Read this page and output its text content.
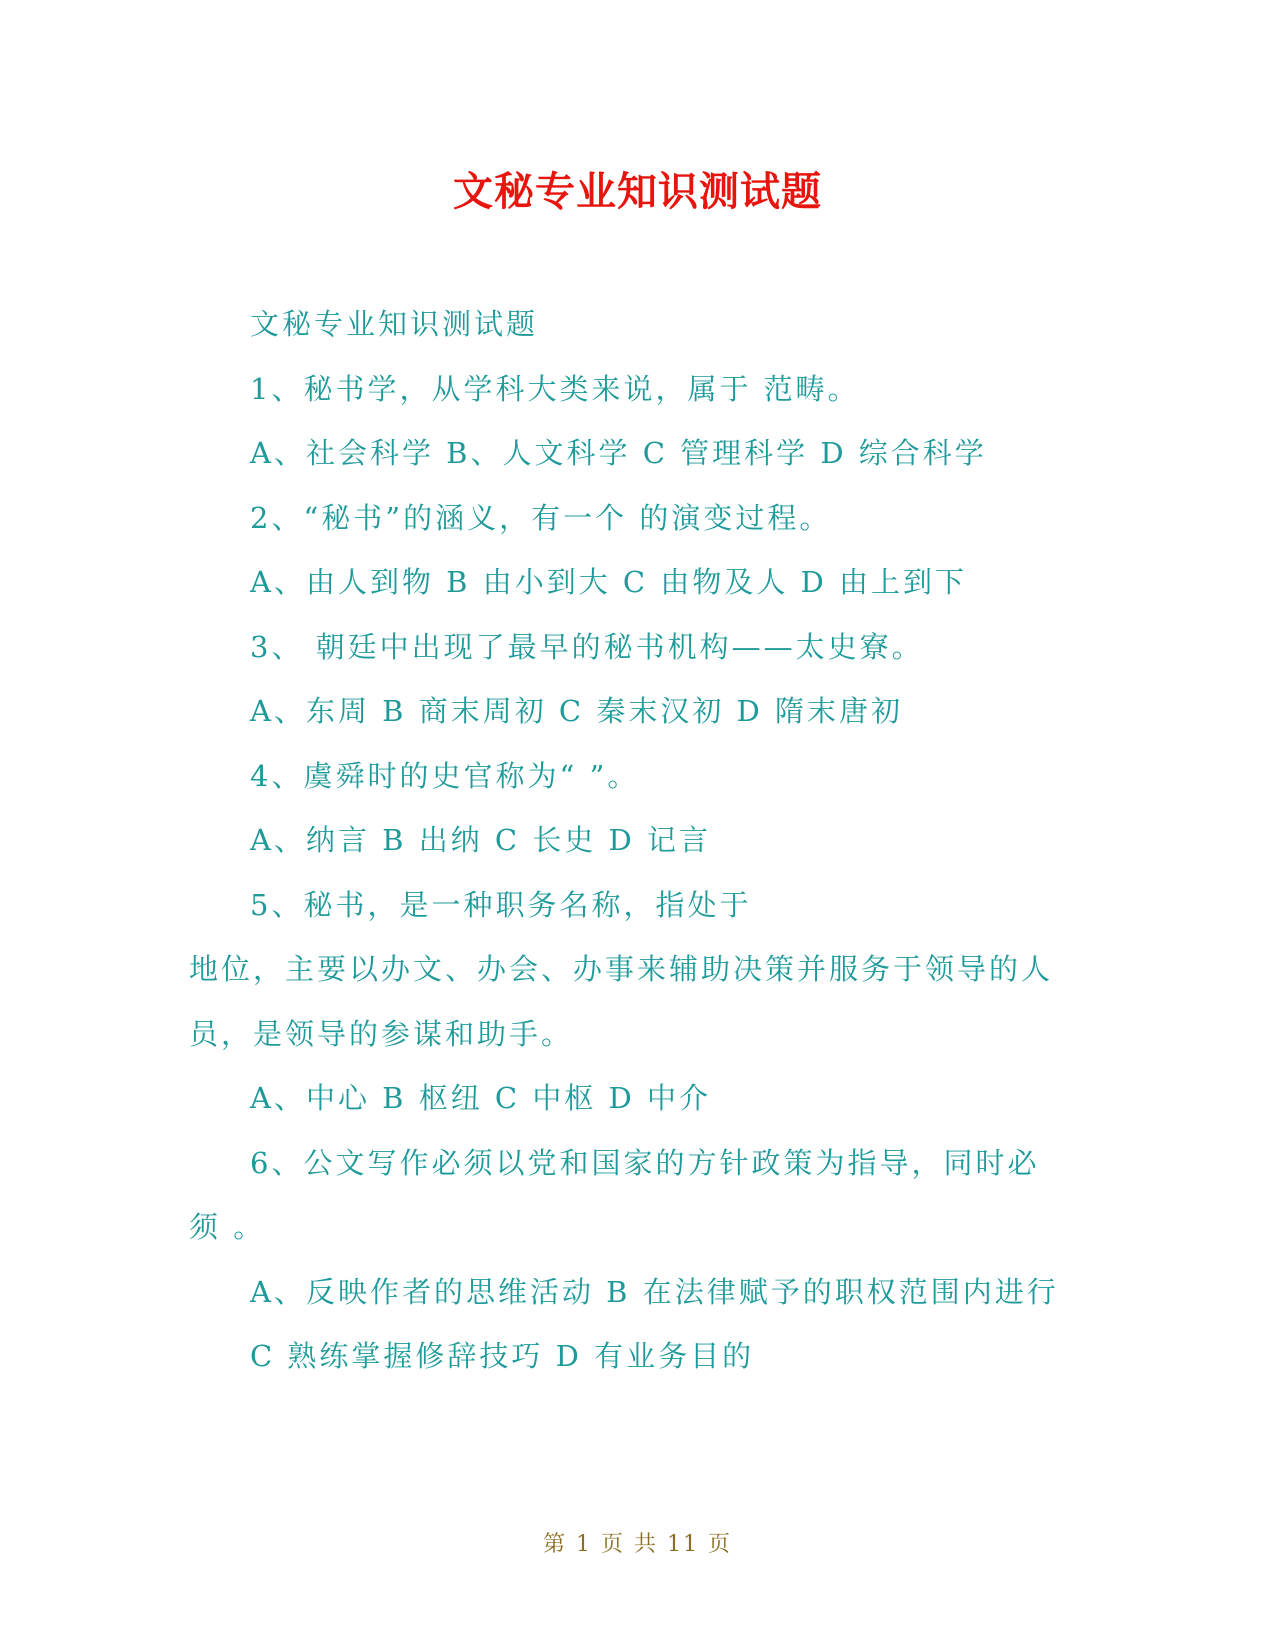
文秘专业知识测试题
文秘专业知识测试题
1、秘书学，从学科大类来说，属于 范畴。
A、社会科学 B、人文科学 C 管理科学 D 综合科学
2、“秘书”的涵义，有一个 的演变过程。
A、由人到物 B 由小到大 C 由物及人 D 由上到下
3、 朝廷中出现了最早的秘书机构——太史寮。
A、东周 B 商末周初 C 秦末汉初 D 隋末唐初
4、虞舜时的史官称为“ ”。
A、纳言 B 出纳 C 长史 D 记言
5、秘书，是一种职务名称，指处于
地位，主要以办文、办会、办事来辅助决策并服务于领导的人
员，是领导的参谋和助手。
A、中心 B 枢纽 C 中枢 D 中介
6、公文写作必须以党和国家的方针政策为指导，同时必
须 。
A、反映作者的思维活动 B 在法律赋予的职权范围内进行
C 熟练掌握修辞技巧 D 有业务目的
第 1 页 共 11 页
